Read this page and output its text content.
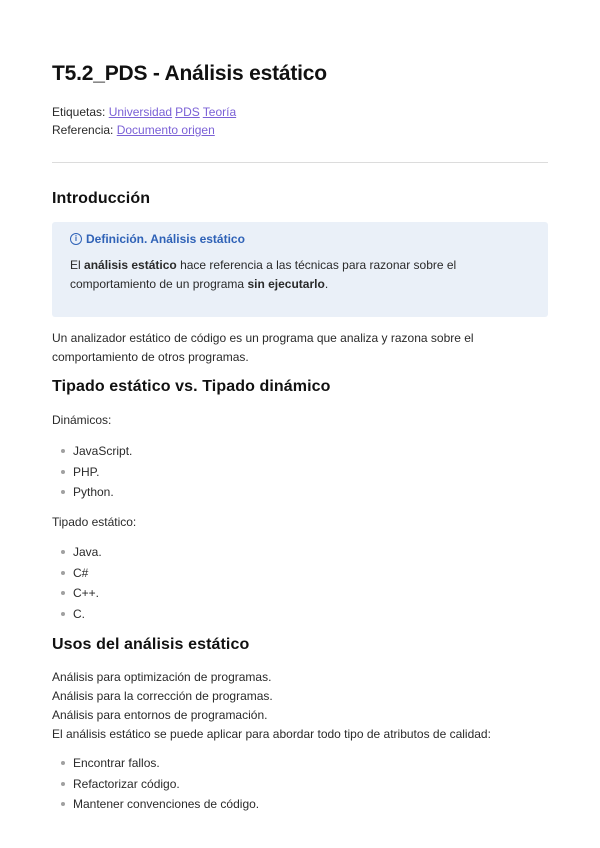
T5.2_PDS - Análisis estático
Etiquetas: Universidad PDS Teoría
Referencia: Documento origen
Introducción
i Definición. Análisis estático
El análisis estático hace referencia a las técnicas para razonar sobre el comportamiento de un programa sin ejecutarlo.

Un analizador estático de código es un programa que analiza y razona sobre el comportamiento de otros programas.

Tipado estático vs. Tipado dinámico

Dinámicos:

JavaScript.
PHP.
Python.

Tipado estático:

Java.
C#
C++.
C.
Usos del análisis estático
Análisis para optimización de programas.
Análisis para la corrección de programas.
Análisis para entornos de programación.
El análisis estático se puede aplicar para abordar todo tipo de atributos de calidad:
Encontrar fallos.
Refactorizar código.
Mantener convenciones de código.
